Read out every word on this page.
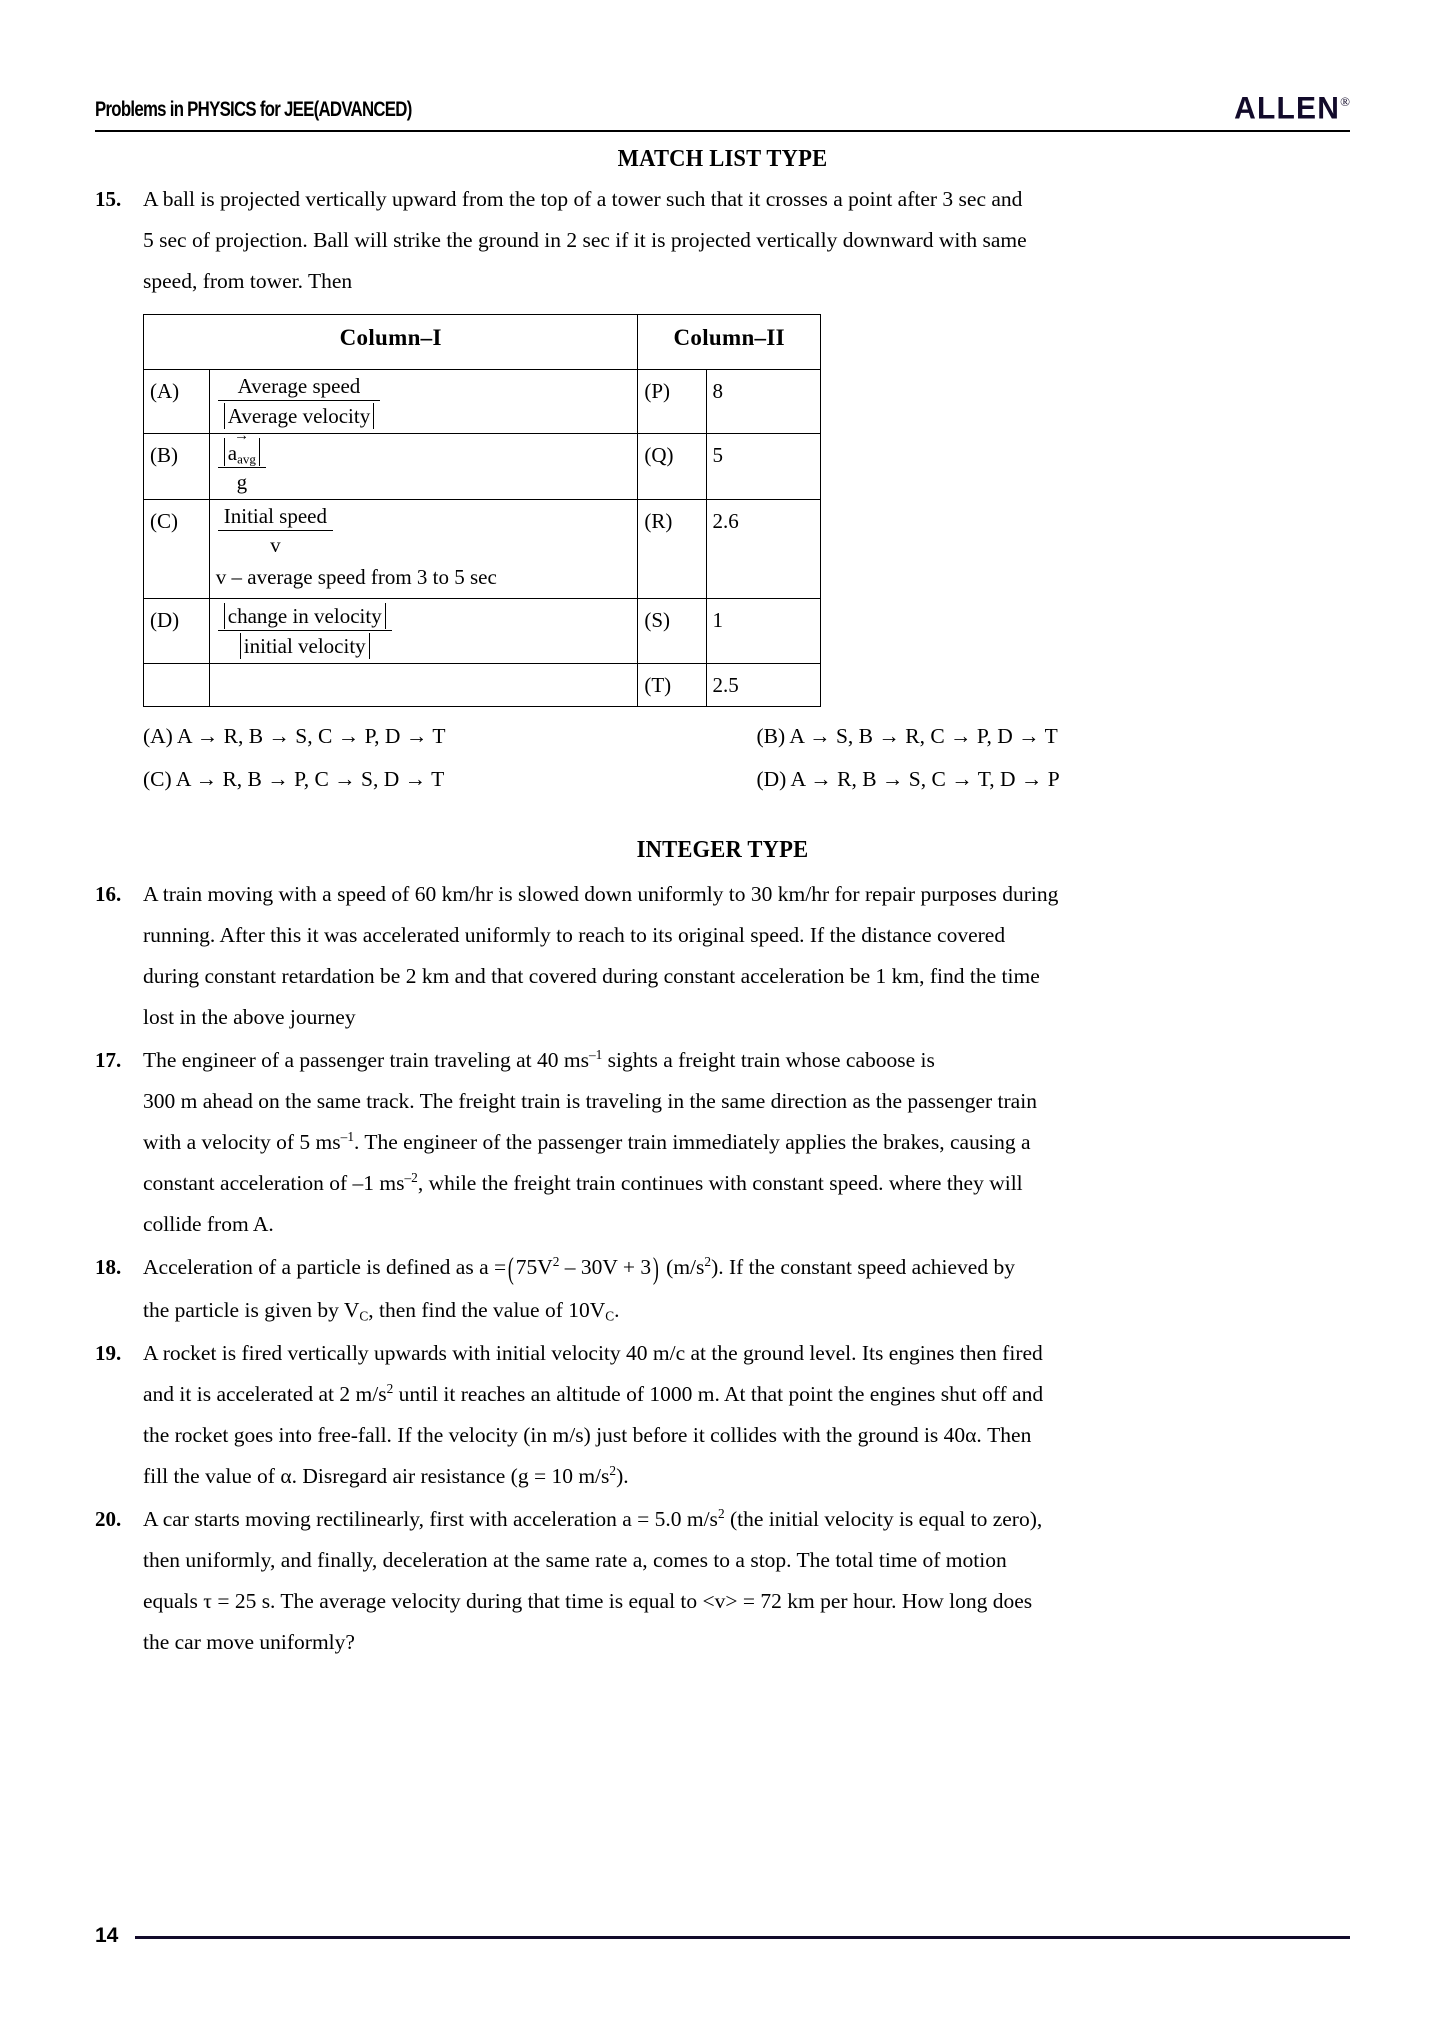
Problems in PHYSICS for JEE(ADVANCED)	ALLEN ®
MATCH LIST TYPE
15.	A ball is projected vertically upward from the top of a tower such that it crosses a point after 3 sec and

5 sec of projection. Ball will strike the ground in 2 sec if it is projected vertically downward with same

speed, from tower. Then

Column–I		Column–II	
(A)	$\frac{\text{Average speed}}{\text{Average velocity}}$	(P)	8
(B)	→
$a_{avg}$
g	(Q)	5
(C)	$\frac{\text{Initial speed}}{v}$
v – average speed from 3 to 5 sec	(R)	2.6
(D)	$\frac{\text{change in velocity}}{\text{initial velocity}}$	(S)	1
		(T)	2.5
(A) A → R, B → S, C → P, D → T	(B) A → S, B → R, C → P, D → T
(C) A → R, B → P, C → S, D → T	(D) A → R, B → S, C → T, D → P
INTEGER TYPE
16.	A train moving with a speed of 60 km/hr is slowed down uniformly to 30 km/hr for repair purposes during

running. After this it was accelerated uniformly to reach to its original speed. If the distance covered

during constant retardation be 2 km and that covered during constant acceleration be 1 km, find the time

lost in the above journey

17.	The engineer of a passenger train traveling at 40 $ms^{-1}$ sights a freight train whose caboose is

300 m ahead on the same track. The freight train is traveling in the same direction as the passenger train

with a velocity of 5 $ms^{-1}$. The engineer of the passenger train immediately applies the brakes, causing a

constant acceleration of –1 $ms^{-2}$, while the freight train continues with constant speed. where they will

collide from A.

18.	Acceleration of a particle is defined as $a =(75V^2 - 30V + 3)$ $(m/s^2)$. If the constant speed achieved by

the particle is given by $V_C$, then find the value of $10V_C$.

19.	A rocket is fired vertically upwards with initial velocity 40 m/c at the ground level. Its engines then fired

and it is accelerated at 2 $m/s^2$ until it reaches an altitude of 1000 m. At that point the engines shut off and

the rocket goes into free-fall. If the velocity (in m/s) just before it collides with the ground is 40α. Then

fill the value of α. Disregard air resistance (g = 10 $m/s^2$).

20.	A car starts moving rectilinearly, first with acceleration a = 5.0 $m/s^2$ (the initial velocity is equal to zero),

then uniformly, and finally, deceleration at the same rate a, comes to a stop. The total time of motion

equals τ = 25 s. The average velocity during that time is equal to <v> = 72 km per hour. How long does

the car move uniformly?

14
